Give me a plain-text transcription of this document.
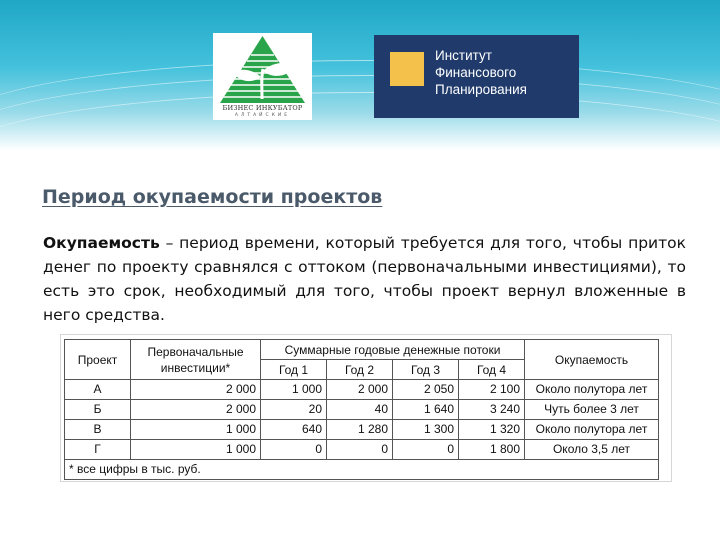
БИЗНЕС ИНКУБАТОР
АЛТАЙСКИЕ
Институт
Финансового
Планирования
Период окупаемости проектов

Окупаемость – период времени, который требуется для того, чтобы приток денег по проекту сравнялся с оттоком (первоначальными инвестициями), то есть это срок, необходимый для того, чтобы проект вернул вложенные в него средства.

Проект	Первоначальные инвестиции*	Суммарные годовые денежные потоки				Окупаемость
		Год 1	Год 2	Год 3	Год 4	
А	2 000	1 000	2 000	2 050	2 100	Около полутора лет
Б	2 000	20	40	1 640	3 240	Чуть более 3 лет
В	1 000	640	1 280	1 300	1 320	Около полутора лет
Г	1 000	0	0	0	1 800	Около 3,5 лет
* все цифры в тыс. руб.						
